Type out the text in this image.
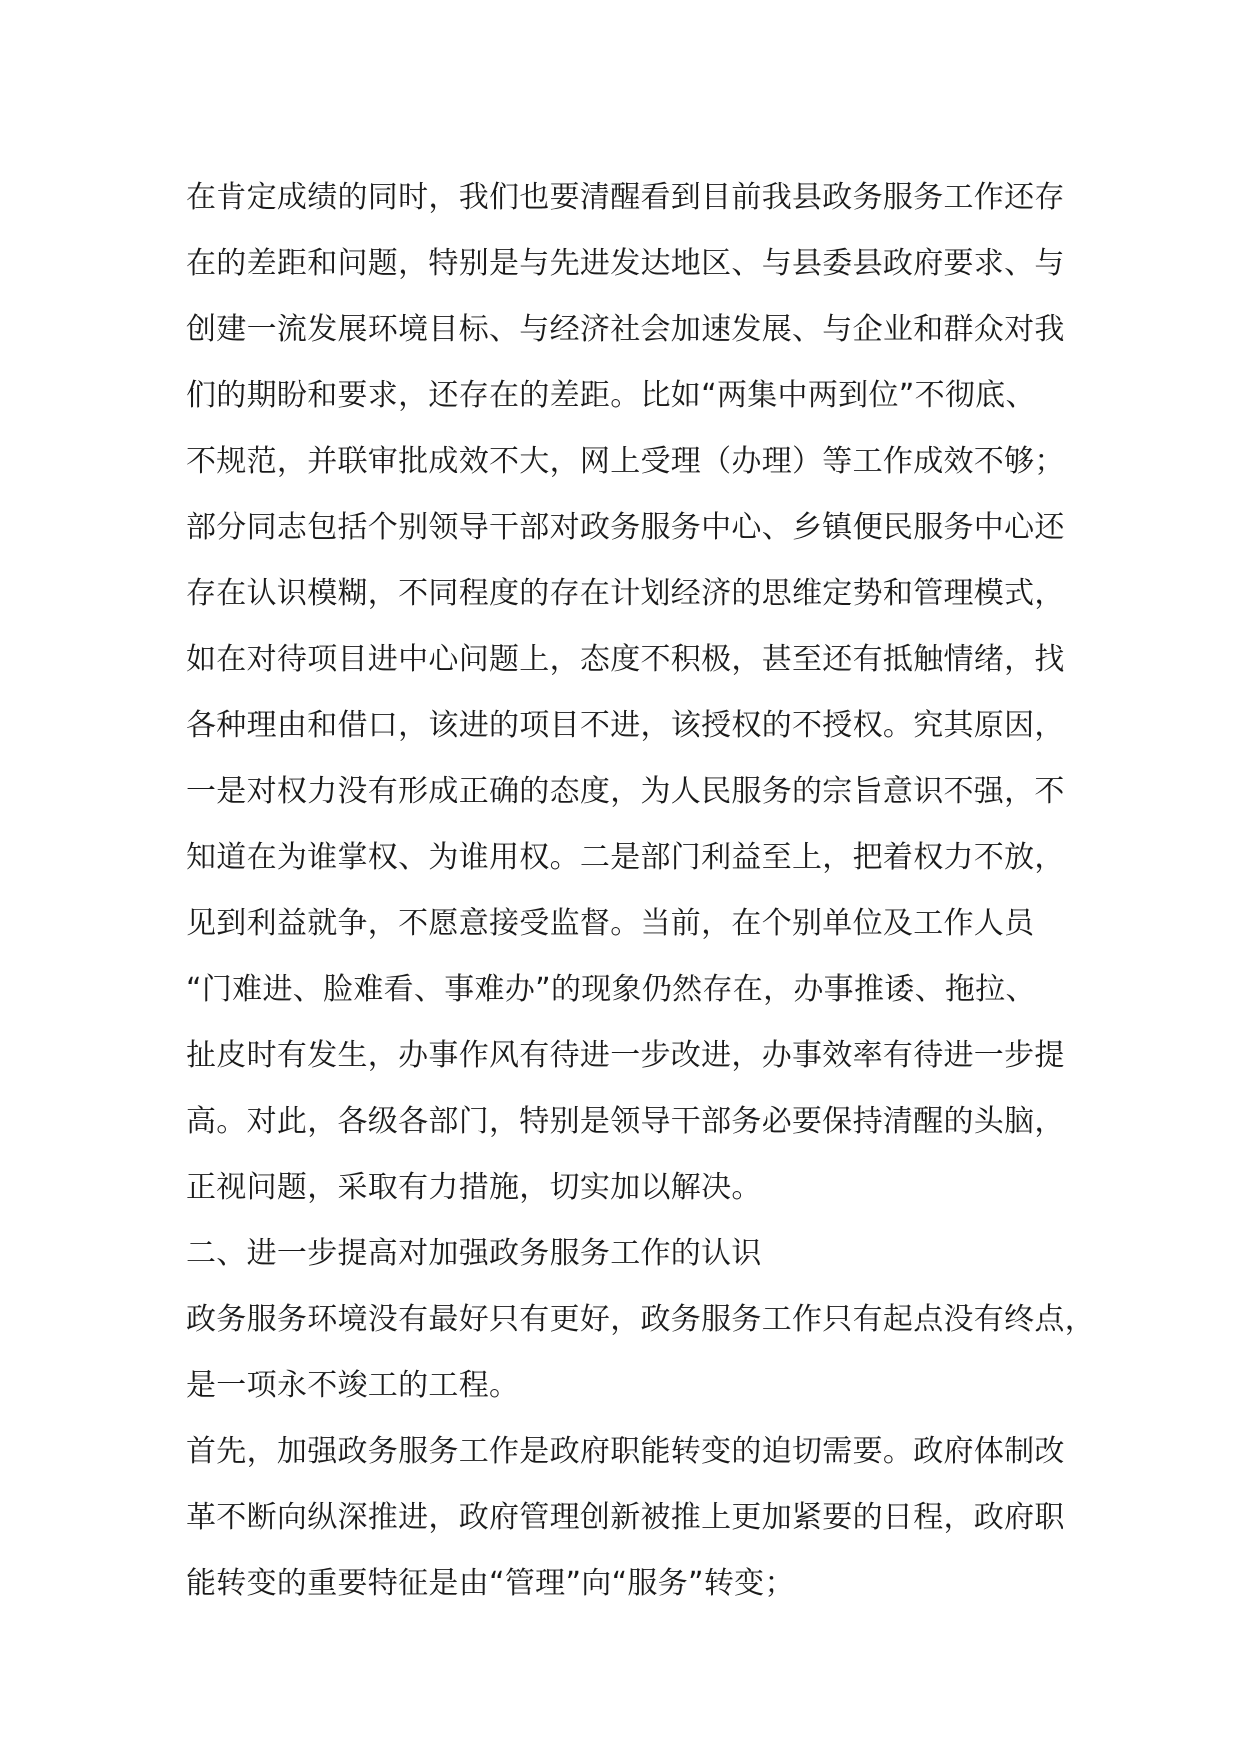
在肯定成绩的同时，我们也要清醒看到目前我县政务服务工作还存
在的差距和问题，特别是与先进发达地区、与县委县政府要求、与
创建一流发展环境目标、与经济社会加速发展、与企业和群众对我
们的期盼和要求，还存在的差距。比如“两集中两到位”不彻底、
不规范，并联审批成效不大，网上受理（办理）等工作成效不够；
部分同志包括个别领导干部对政务服务中心、乡镇便民服务中心还
存在认识模糊，不同程度的存在计划经济的思维定势和管理模式，
如在对待项目进中心问题上，态度不积极，甚至还有抵触情绪，找
各种理由和借口，该进的项目不进，该授权的不授权。究其原因，
一是对权力没有形成正确的态度，为人民服务的宗旨意识不强，不
知道在为谁掌权、为谁用权。二是部门利益至上，把着权力不放，
见到利益就争，不愿意接受监督。当前，在个别单位及工作人员
“门难进、脸难看、事难办”的现象仍然存在，办事推诿、拖拉、
扯皮时有发生，办事作风有待进一步改进，办事效率有待进一步提
高。对此，各级各部门，特别是领导干部务必要保持清醒的头脑，
正视问题，采取有力措施，切实加以解决。
二、进一步提高对加强政务服务工作的认识
政务服务环境没有最好只有更好，政务服务工作只有起点没有终点，
是一项永不竣工的工程。
首先，加强政务服务工作是政府职能转变的迫切需要。政府体制改
革不断向纵深推进，政府管理创新被推上更加紧要的日程，政府职
能转变的重要特征是由“管理”向“服务”转变；
